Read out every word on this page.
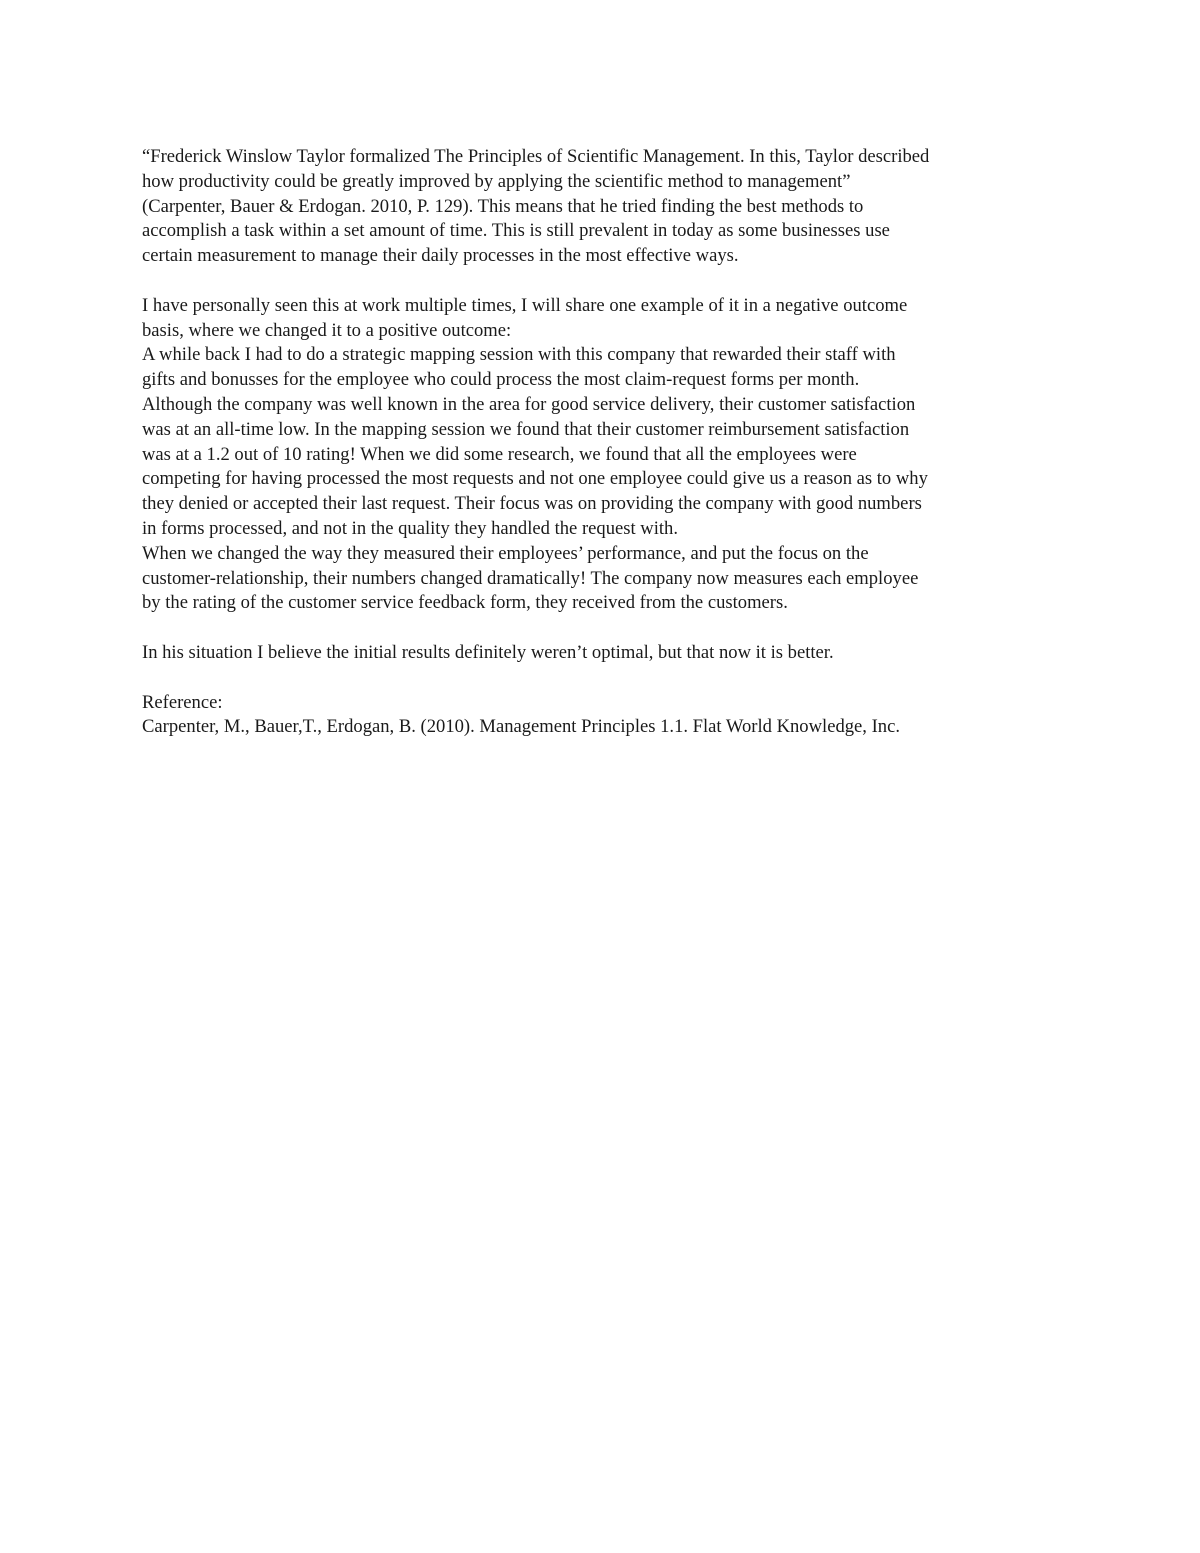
“Frederick Winslow Taylor formalized The Principles of Scientific Management. In this, Taylor described
how productivity could be greatly improved by applying the scientific method to management”
(Carpenter, Bauer & Erdogan. 2010, P. 129). This means that he tried finding the best methods to
accomplish a task within a set amount of time. This is still prevalent in today as some businesses use
certain measurement to manage their daily processes in the most effective ways.
I have personally seen this at work multiple times, I will share one example of it in a negative outcome
basis, where we changed it to a positive outcome:
A while back I had to do a strategic mapping session with this company that rewarded their staff with
gifts and bonusses for the employee who could process the most claim-request forms per month.
Although the company was well known in the area for good service delivery, their customer satisfaction
was at an all-time low. In the mapping session we found that their customer reimbursement satisfaction
was at a 1.2 out of 10 rating! When we did some research, we found that all the employees were
competing for having processed the most requests and not one employee could give us a reason as to why
they denied or accepted their last request. Their focus was on providing the company with good numbers
in forms processed, and not in the quality they handled the request with.
When we changed the way they measured their employees’ performance, and put the focus on the
customer-relationship, their numbers changed dramatically! The company now measures each employee
by the rating of the customer service feedback form, they received from the customers.
In his situation I believe the initial results definitely weren’t optimal, but that now it is better.
Reference:
Carpenter, M., Bauer,T., Erdogan, B. (2010). Management Principles 1.1. Flat World Knowledge, Inc.
